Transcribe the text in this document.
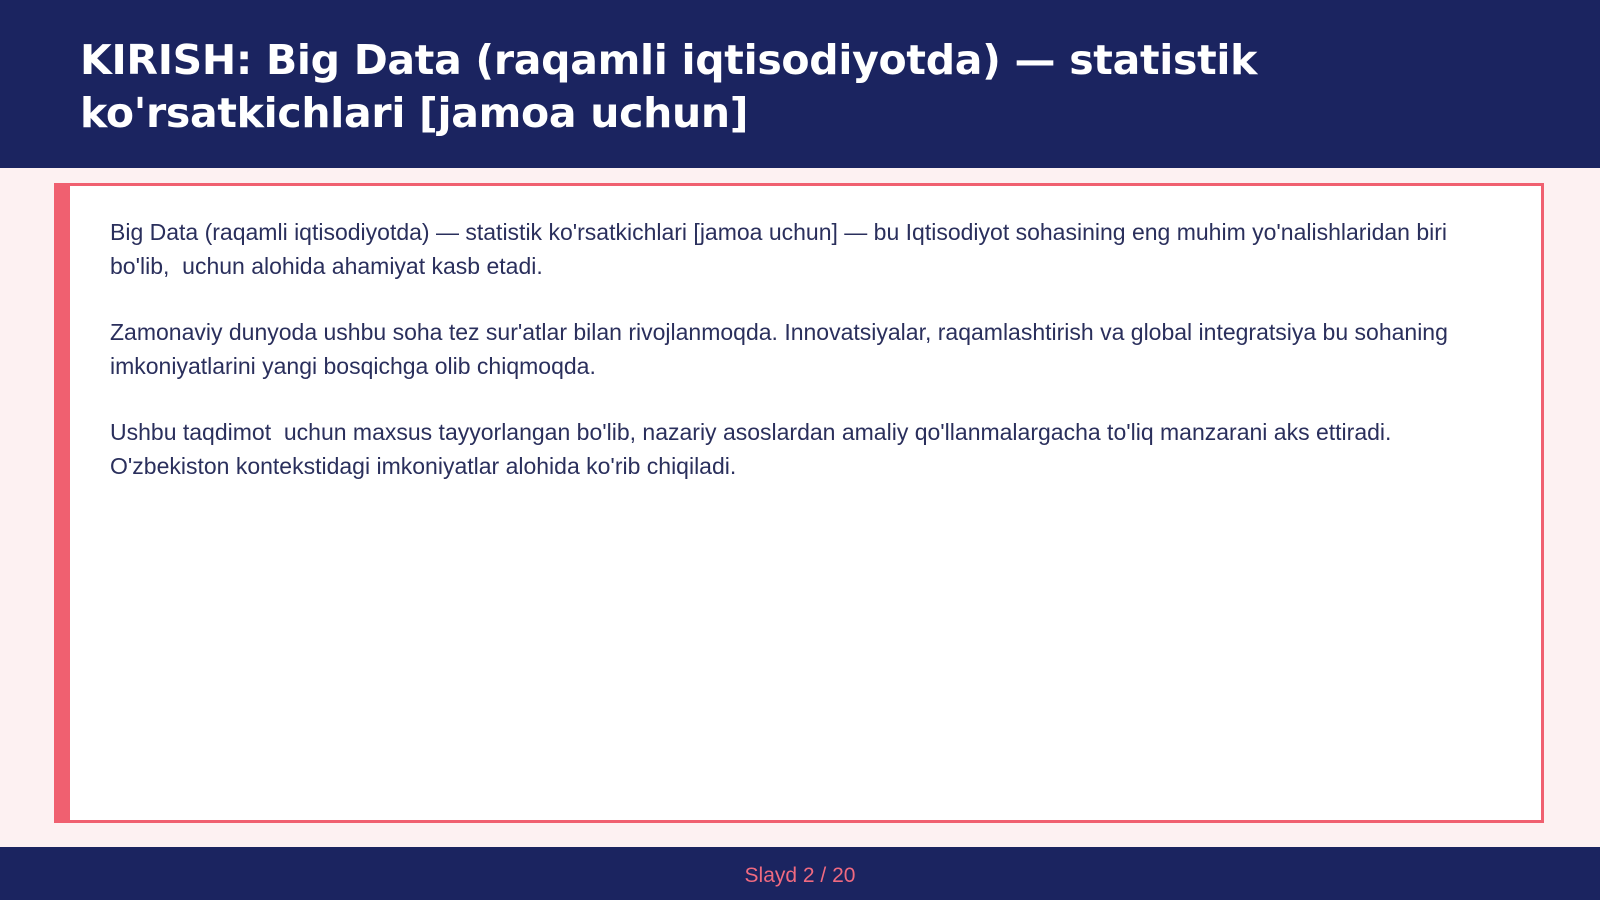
KIRISH: Big Data (raqamli iqtisodiyotda) — statistik ko'rsatkichlari [jamoa uchun]

Big Data (raqamli iqtisodiyotda) — statistik ko'rsatkichlari [jamoa uchun] — bu Iqtisodiyot sohasining eng muhim yo'nalishlaridan biri bo'lib,  uchun alohida ahamiyat kasb etadi.

Zamonaviy dunyoda ushbu soha tez sur'atlar bilan rivojlanmoqda. Innovatsiyalar, raqamlashtirish va global integratsiya bu sohaning imkoniyatlarini yangi bosqichga olib chiqmoqda.

Ushbu taqdimot  uchun maxsus tayyorlangan bo'lib, nazariy asoslardan amaliy qo'llanmalargacha to'liq manzarani aks ettiradi. O'zbekiston kontekstidagi imkoniyatlar alohida ko'rib chiqiladi.

Slayd 2 / 20
